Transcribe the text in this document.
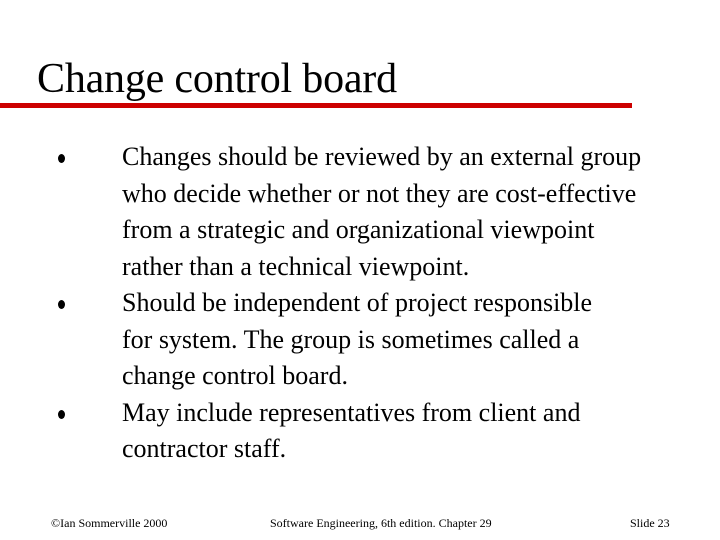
Change control board
Changes should be reviewed by an external group
who decide whether or not they are cost-effective
from a strategic and organizational viewpoint
rather than a technical viewpoint.
Should be independent of project responsible
for system. The group is sometimes called a
change control board.
May include representatives from client and
contractor staff.
©Ian Sommerville 2000	Software Engineering, 6th edition. Chapter 29	Slide 23
